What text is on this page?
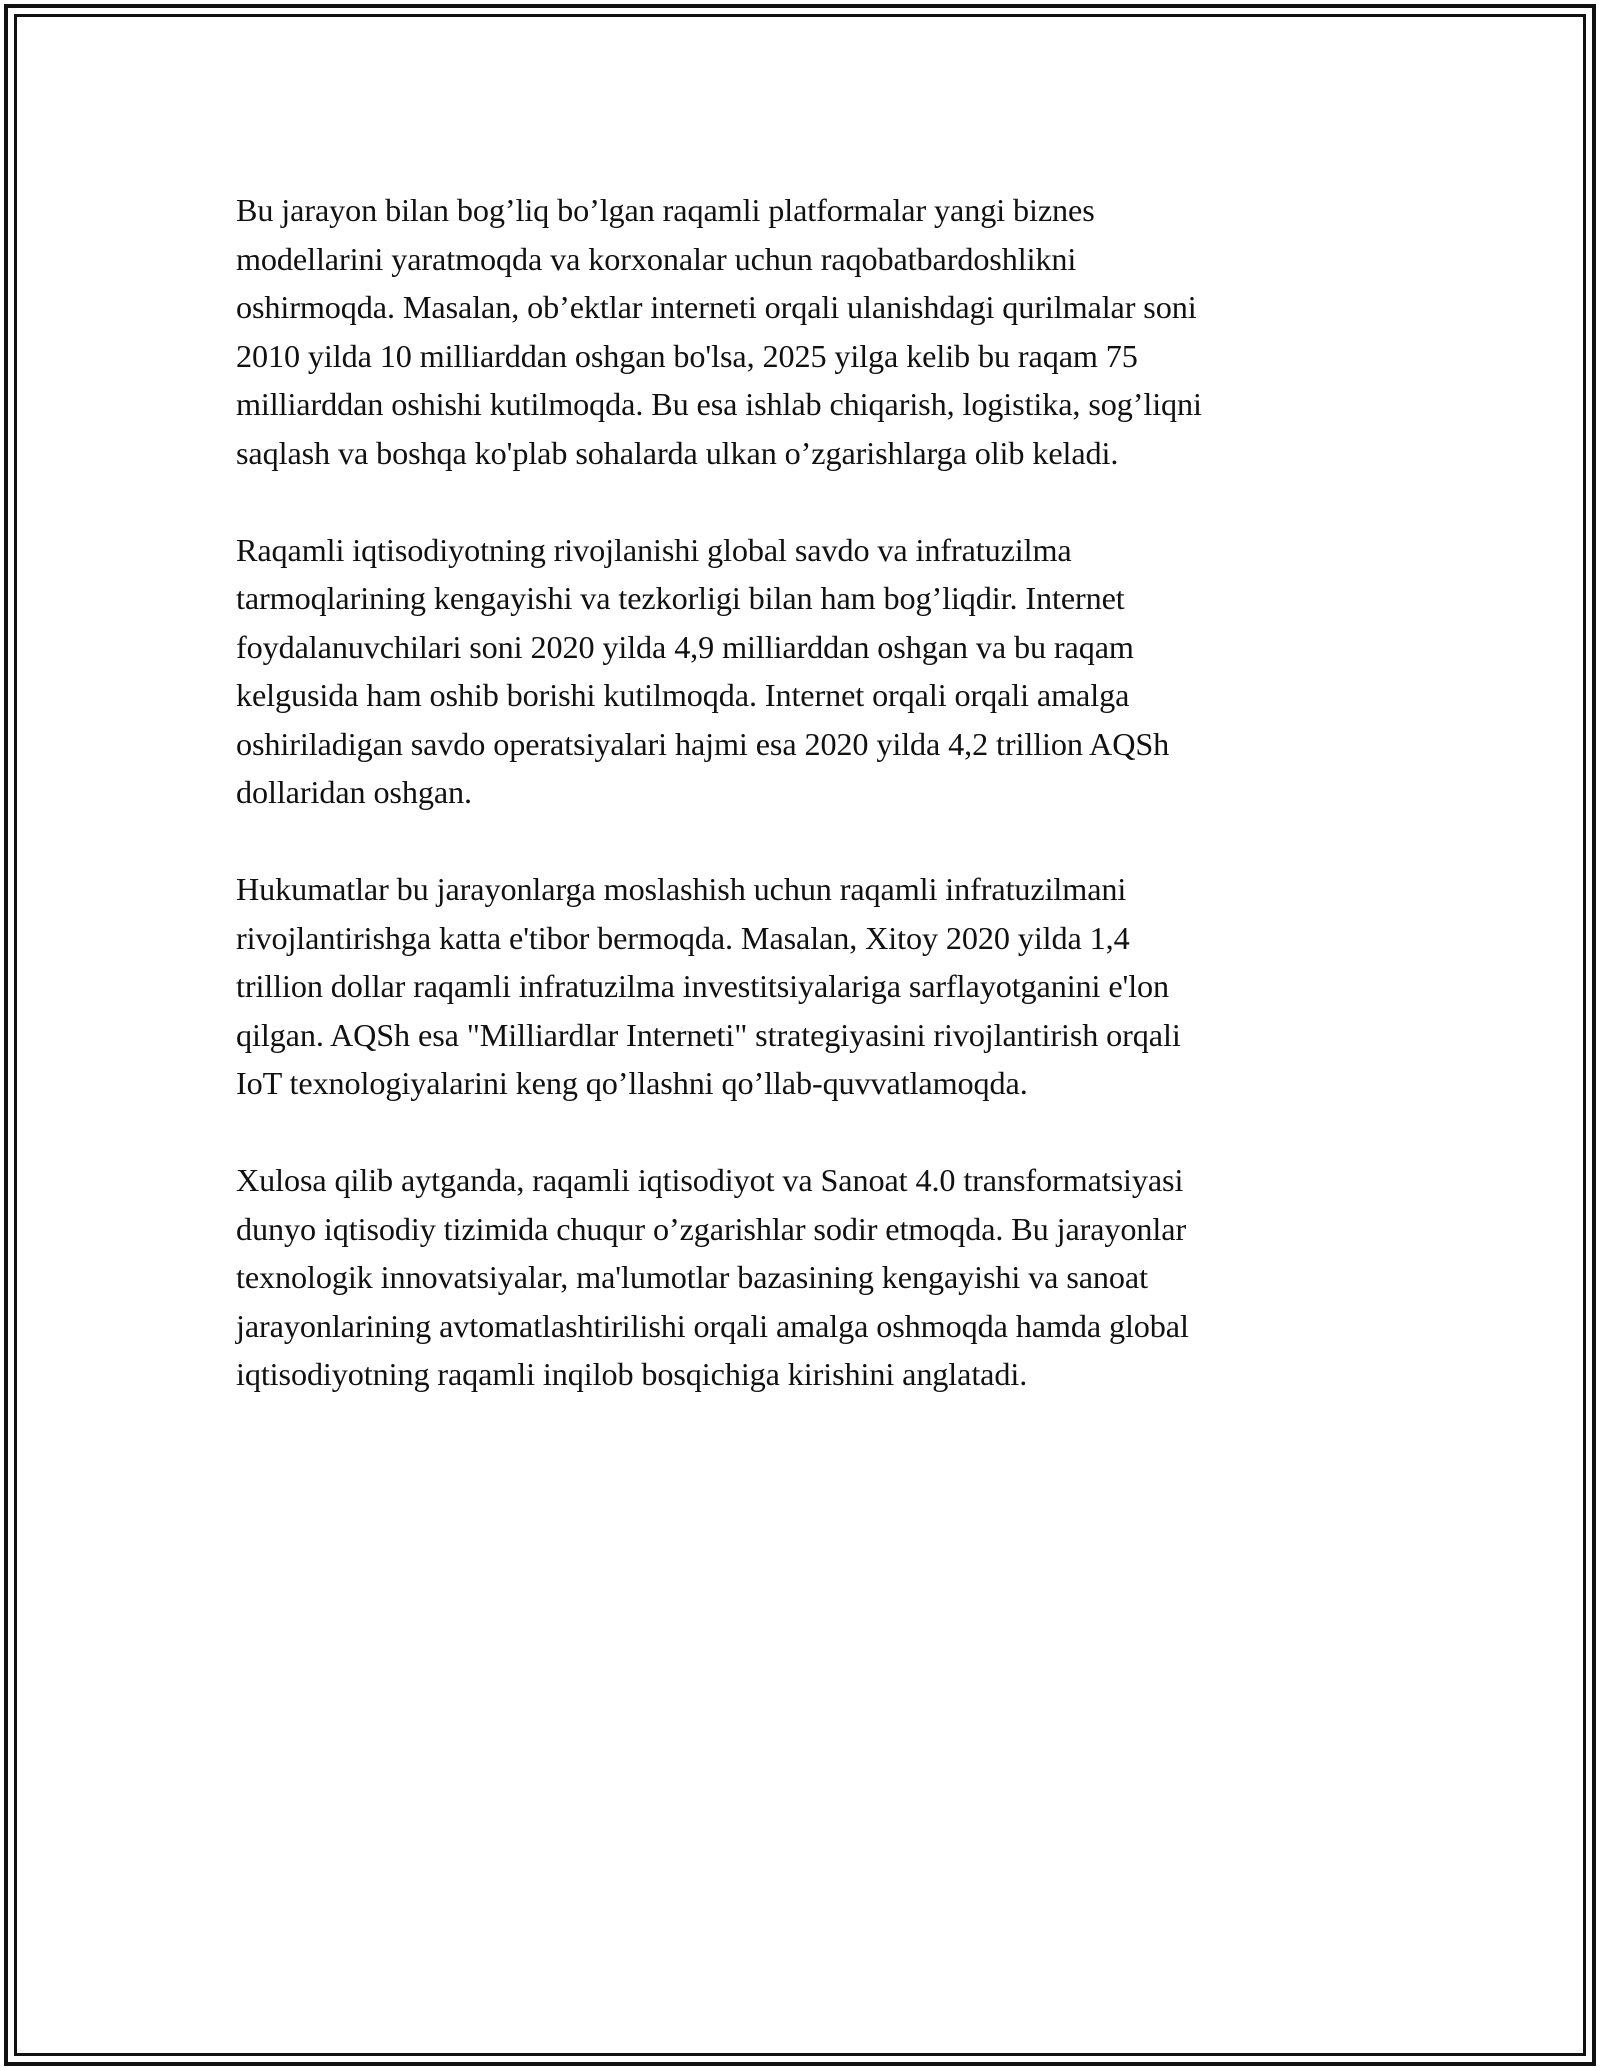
Bu jarayon bilan bog’liq bo’lgan raqamli platformalar yangi biznes
modellarini yaratmoqda va korxonalar uchun raqobatbardoshlikni
oshirmoqda. Masalan, ob’ektlar interneti orqali ulanishdagi qurilmalar soni
2010 yilda 10 milliarddan oshgan bo'lsa, 2025 yilga kelib bu raqam 75
milliarddan oshishi kutilmoqda. Bu esa ishlab chiqarish, logistika, sog’liqni
saqlash va boshqa ko'plab sohalarda ulkan o’zgarishlarga olib keladi.

Raqamli iqtisodiyotning rivojlanishi global savdo va infratuzilma
tarmoqlarining kengayishi va tezkorligi bilan ham bog’liqdir. Internet
foydalanuvchilari soni 2020 yilda 4,9 milliarddan oshgan va bu raqam
kelgusida ham oshib borishi kutilmoqda. Internet orqali orqali amalga
oshiriladigan savdo operatsiyalari hajmi esa 2020 yilda 4,2 trillion AQSh
dollaridan oshgan.

Hukumatlar bu jarayonlarga moslashish uchun raqamli infratuzilmani
rivojlantirishga katta e'tibor bermoqda. Masalan, Xitoy 2020 yilda 1,4
trillion dollar raqamli infratuzilma investitsiyalariga sarflayotganini e'lon
qilgan. AQSh esa "Milliardlar Interneti" strategiyasini rivojlantirish orqali
IoT texnologiyalarini keng qo’llashni qo’llab-quvvatlamoqda.

Xulosa qilib aytganda, raqamli iqtisodiyot va Sanoat 4.0 transformatsiyasi
dunyo iqtisodiy tizimida chuqur o’zgarishlar sodir etmoqda. Bu jarayonlar
texnologik innovatsiyalar, ma'lumotlar bazasining kengayishi va sanoat
jarayonlarining avtomatlashtirilishi orqali amalga oshmoqda hamda global
iqtisodiyotning raqamli inqilob bosqichiga kirishini anglatadi.
